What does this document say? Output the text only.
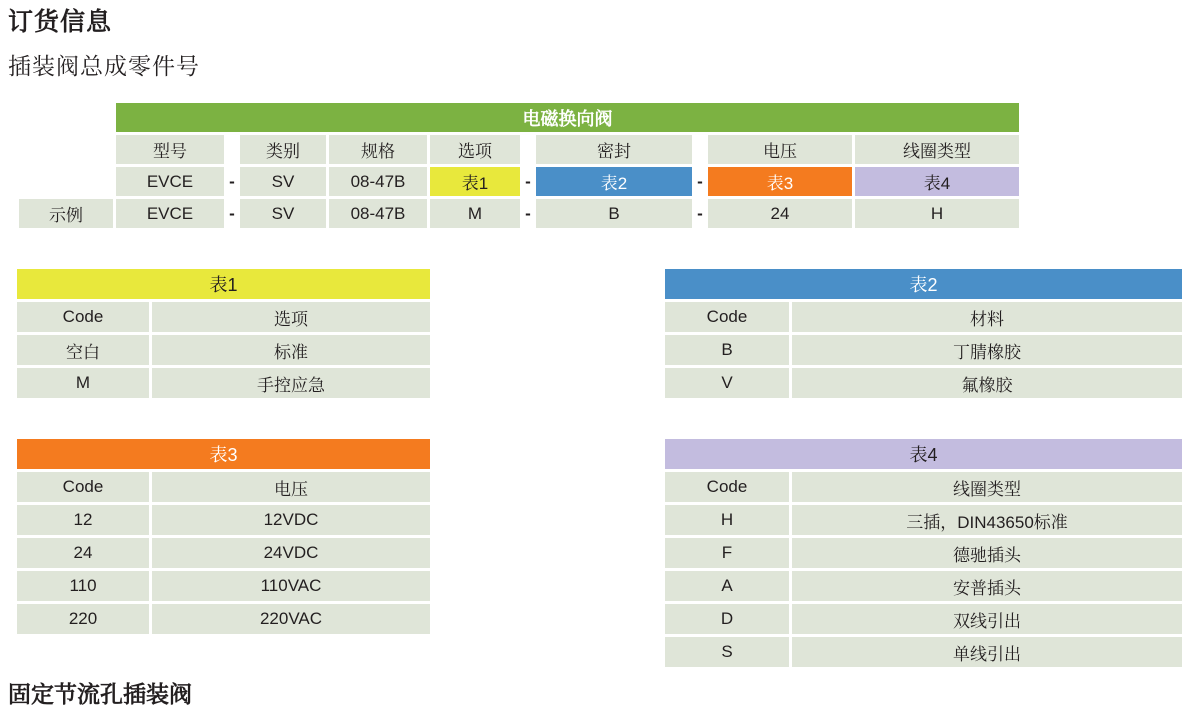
订货信息
插装阀总成零件号
	电磁换向阀									
	型号		类别	规格	选项		密封		电压	线圈类型
	EVCE	-	SV	08-47B	表1	-	表2	-	表3	表4
示例	EVCE	-	SV	08-47B	M	-	B	-	24	H
表1	
Code	选项
空白	标准
M	手控应急
表2	
Code	材料
B	丁腈橡胶
V	氟橡胶
表3	
Code	电压
12	12VDC
24	24VDC
110	110VAC
220	220VAC
表4	
Code	线圈类型
H	三插，DIN43650标准
F	德驰插头
A	安普插头
D	双线引出
S	单线引出
固定节流孔插装阀
